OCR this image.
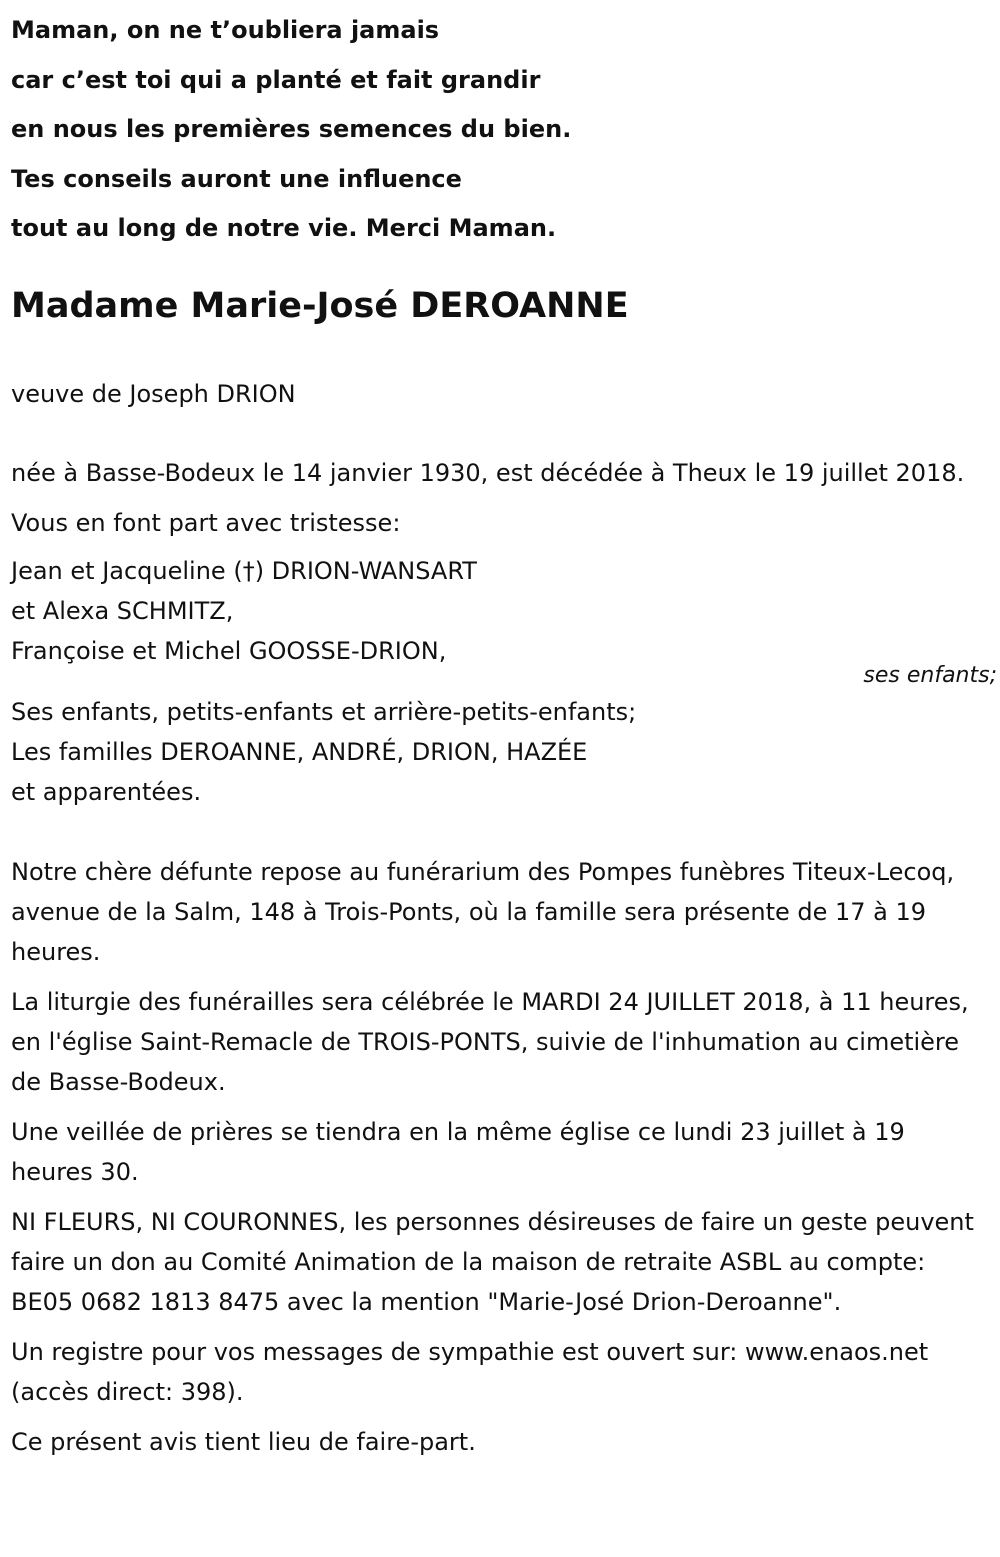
Maman, on ne t’oubliera jamais
car c’est toi qui a planté et fait grandir
en nous les premières semences du bien.
Tes conseils auront une influence
tout au long de notre vie. Merci Maman.
Madame Marie-José DEROANNE

veuve de Joseph DRION

née à Basse-Bodeux le 14 janvier 1930, est décédée à Theux le 19 juillet 2018.

Vous en font part avec tristesse:

Jean et Jacqueline (†) DRION-WANSART
et Alexa SCHMITZ,
Françoise et Michel GOOSSE-DRION,
ses enfants;
Ses enfants, petits-enfants et arrière-petits-enfants;
Les familles DEROANNE, ANDRÉ, DRION, HAZÉE
et apparentées.

Notre chère défunte repose au funérarium des Pompes funèbres Titeux-Lecoq, avenue de la Salm, 148 à Trois-Ponts, où la famille sera présente de 17 à 19 heures.

La liturgie des funérailles sera célébrée le MARDI 24 JUILLET 2018, à 11 heures, en l'église Saint-Remacle de TROIS-PONTS, suivie de l'inhumation au cimetière de Basse-Bodeux.

Une veillée de prières se tiendra en la même église ce lundi 23 juillet à 19 heures 30.

NI FLEURS, NI COURONNES, les personnes désireuses de faire un geste peuvent faire un don au Comité Animation de la maison de retraite ASBL au compte: BE05 0682 1813 8475 avec la mention "Marie-José Drion-Deroanne".

Un registre pour vos messages de sympathie est ouvert sur: www.enaos.net (accès direct: 398).

Ce présent avis tient lieu de faire-part.
